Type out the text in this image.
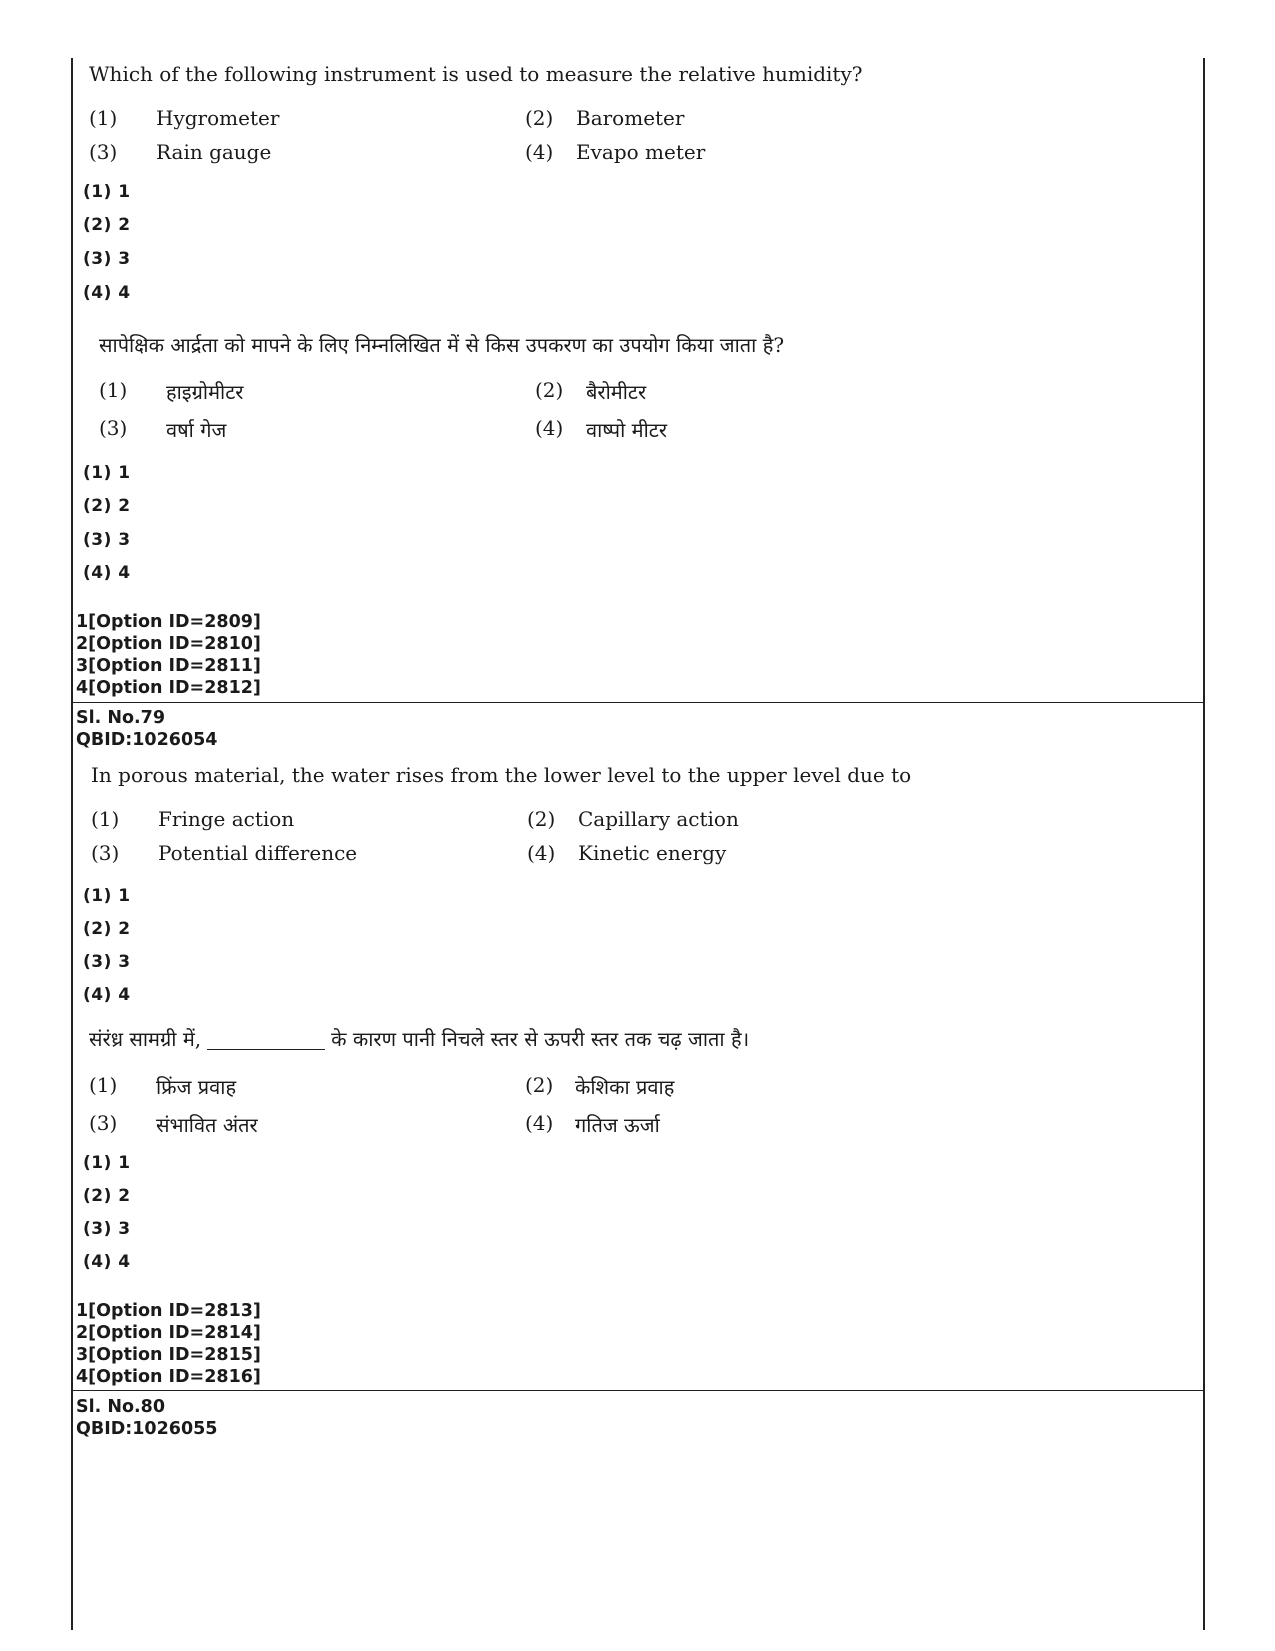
Which of the following instrument is used to measure the relative humidity?
(1) Hygrometer	(2) Barometer
(3) Rain gauge	(4) Evapo meter
(1) 1
(2) 2
(3) 3
(4) 4
सापेक्षिक आर्द्रता को मापने के लिए निम्नलिखित में से किस उपकरण का उपयोग किया जाता है?
(1) हाइग्रोमीटर	(2) बैरोमीटर
(3) वर्षा गेज	(4) वाष्पो मीटर
(1) 1
(2) 2
(3) 3
(4) 4
1[Option ID=2809]
2[Option ID=2810]
3[Option ID=2811]
4[Option ID=2812]
Sl. No.79
QBID:1026054
In porous material, the water rises from the lower level to the upper level due to
(1) Fringe action	(2) Capillary action
(3) Potential difference	(4) Kinetic energy
(1) 1
(2) 2
(3) 3
(4) 4
संरंध्र सामग्री में,	के कारण पानी निचले स्तर से ऊपरी स्तर तक चढ़ जाता है।
(1) फ्रिंज प्रवाह	(2) केशिका प्रवाह
(3) संभावित अंतर	(4) गतिज ऊर्जा
(1) 1
(2) 2
(3) 3
(4) 4
1[Option ID=2813]
2[Option ID=2814]
3[Option ID=2815]
4[Option ID=2816]
Sl. No.80
QBID:1026055
